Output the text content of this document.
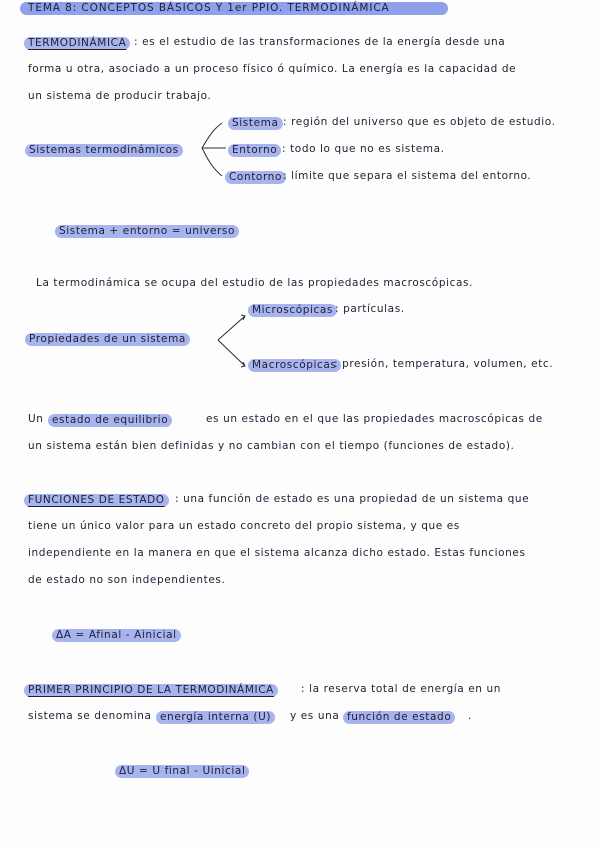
TEMA 8: CONCEPTOS BÁSICOS Y 1er PPIO. TERMODINÁMICA
TERMODINÁMICA : es el estudio de las transformaciones de la energía desde una
forma u otra, asociado a un proceso físico ó químico. La energía es la capacidad de
un sistema de producir trabajo.
Sistemas termodinámicos
Sistema : región del universo que es objeto de estudio.
Entorno : todo lo que no es sistema.
Contorno : límite que separa el sistema del entorno.
Sistema + entorno = universo
La termodinámica se ocupa del estudio de las propiedades macroscópicas.
Propiedades de un sistema
Microscópicas : partículas.
Macroscópicas
: presión, temperatura, volumen, etc.
Un estado de equilibrio	es un estado en el que las propiedades macroscópicas de
un sistema están bien definidas y no cambian con el tiempo (funciones de estado).
FUNCIONES DE ESTADO : una función de estado es una propiedad de un sistema que
tiene un único valor para un estado concreto del propio sistema, y que es
independiente en la manera en que el sistema alcanza dicho estado. Estas funciones
de estado no son independientes.
ΔA = Afinal - Ainicial
PRIMER PRINCIPIO DE LA TERMODINÁMICA	: la reserva total de energía en un
sistema se denomina energía interna (U)	y es una función de estado	.
ΔU = U final - Uinicial
